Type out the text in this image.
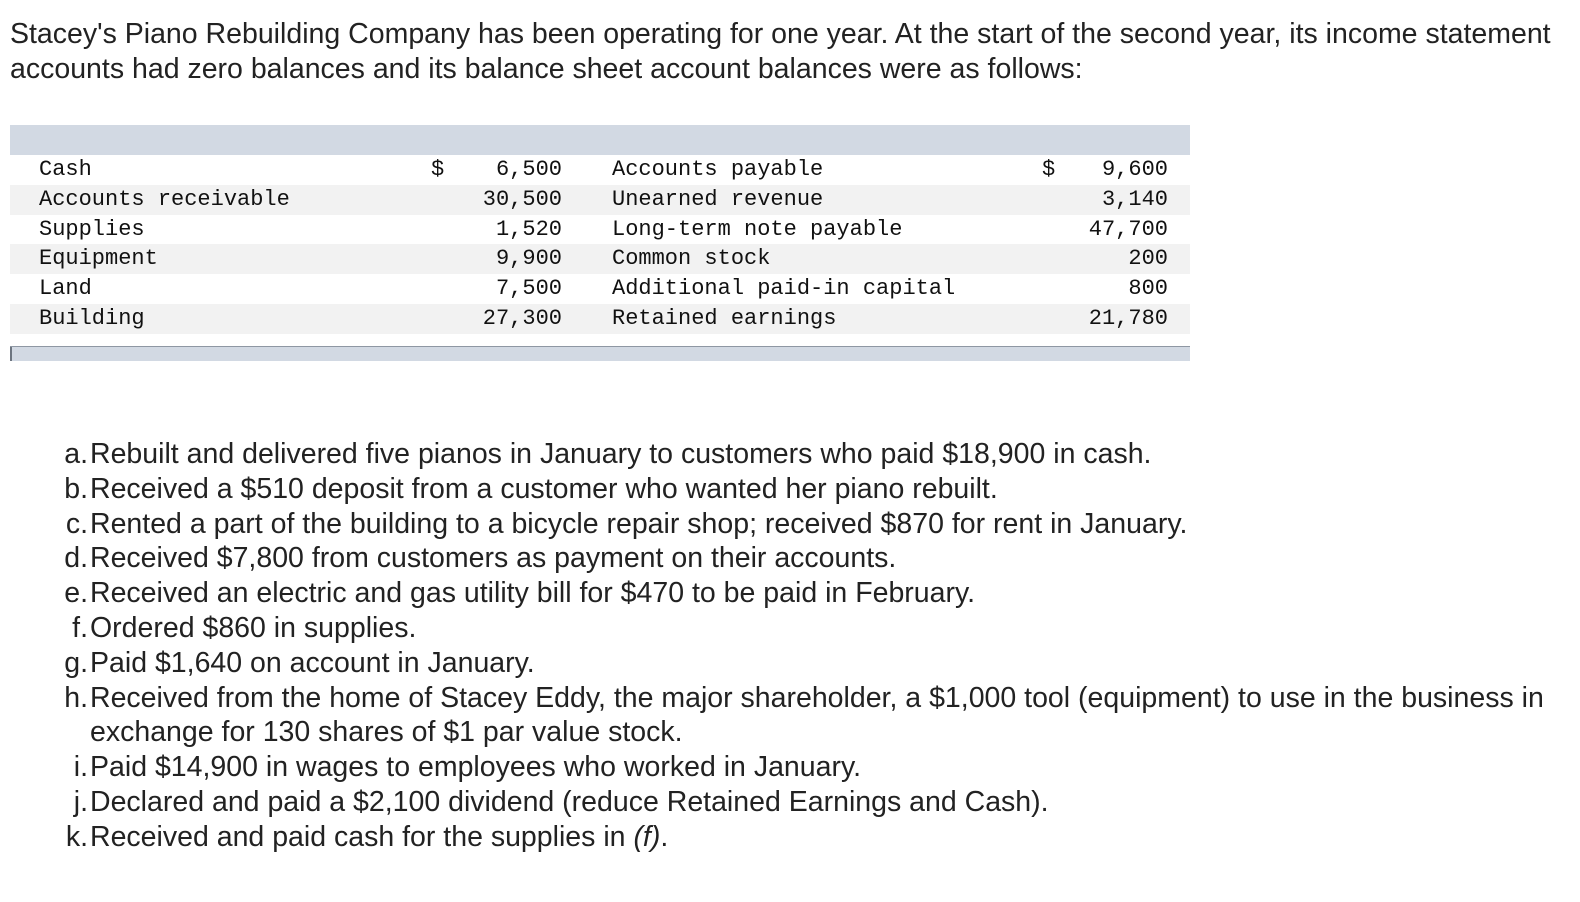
Stacey's Piano Rebuilding Company has been operating for one year. At the start of the second year, its income statement accounts had zero balances and its balance sheet account balances were as follows:

Cash	$ 6,500 Accounts payable	$ 9,600
Accounts receivable	30,500 Unearned revenue	3,140
Supplies	1,520 Long-term note payable	47,700
Equipment	9,900 Common stock	200
Land	7,500 Additional paid-in capital	800
Building	27,300 Retained earnings	21,780
a. Rebuilt and delivered five pianos in January to customers who paid $18,900 in cash.
b. Received a $510 deposit from a customer who wanted her piano rebuilt.
c. Rented a part of the building to a bicycle repair shop; received $870 for rent in January.
d. Received $7,800 from customers as payment on their accounts.
e. Received an electric and gas utility bill for $470 to be paid in February.
f. Ordered $860 in supplies.
g. Paid $1,640 on account in January.
h. Received from the home of Stacey Eddy, the major shareholder, a $1,000 tool (equipment) to use in the business in exchange for 130 shares of $1 par value stock.
i. Paid $14,900 in wages to employees who worked in January.
j. Declared and paid a $2,100 dividend (reduce Retained Earnings and Cash).
k. Received and paid cash for the supplies in (f).
